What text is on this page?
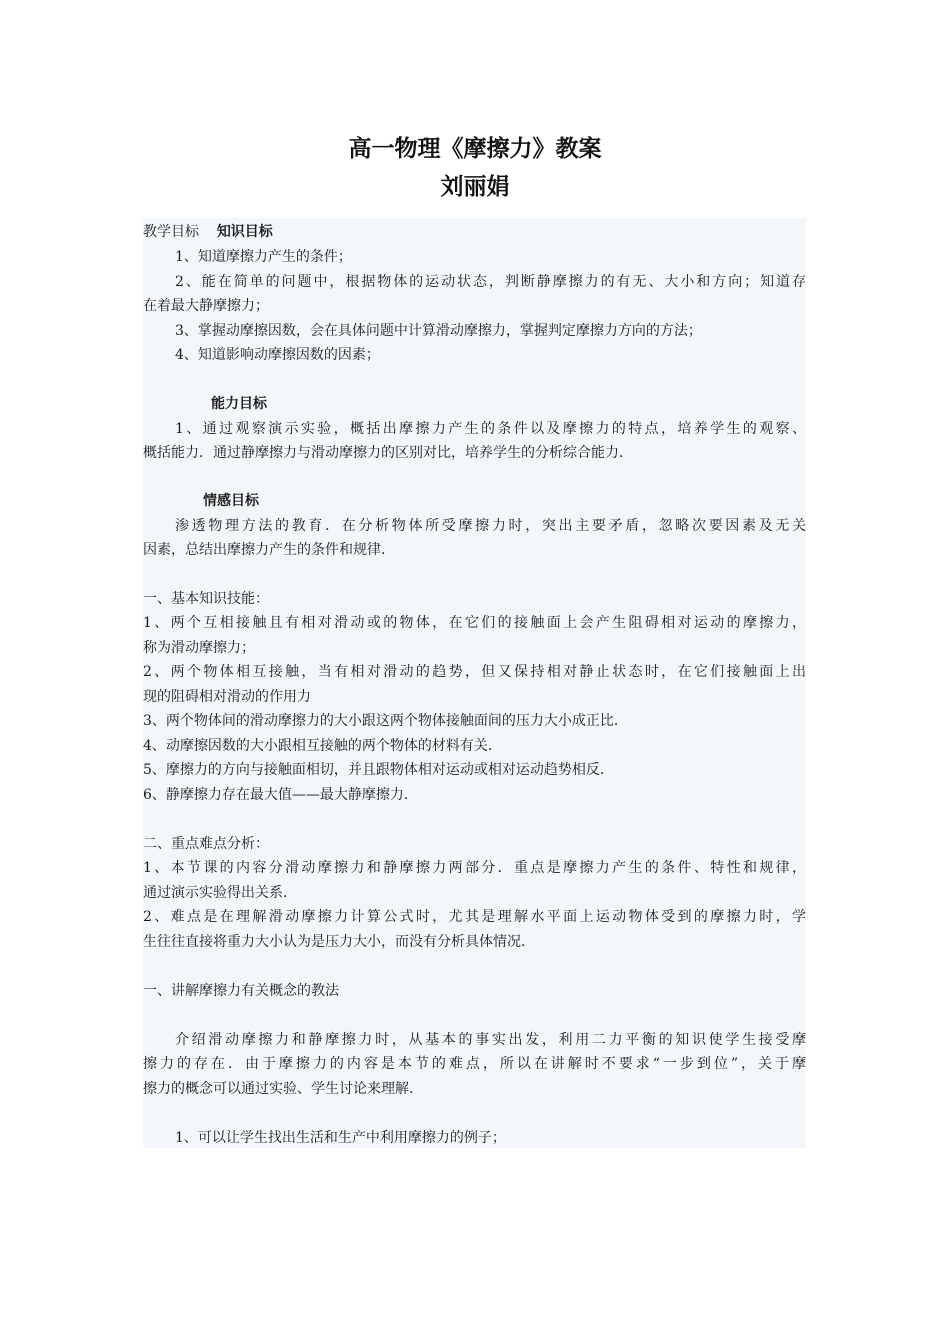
高一物理《摩擦力》教案
刘丽娟
教学目标 知识目标
1、知道摩擦力产生的条件；
2、能在简单的问题中，根据物体的运动状态，判断静摩擦力的有无、大小和方向；知道存
在着最大静摩擦力；
3、掌握动摩擦因数，会在具体问题中计算滑动摩擦力，掌握判定摩擦力方向的方法；
4、知道影响动摩擦因数的因素；
能力目标
1、通过观察演示实验，概括出摩擦力产生的条件以及摩擦力的特点，培养学生的观察、
概括能力．通过静摩擦力与滑动摩擦力的区别对比，培养学生的分析综合能力．
情感目标
渗透物理方法的教育．在分析物体所受摩擦力时，突出主要矛盾，忽略次要因素及无关
因素，总结出摩擦力产生的条件和规律．
一、基本知识技能：
1、两个互相接触且有相对滑动或的物体，在它们的接触面上会产生阻碍相对运动的摩擦力，
称为滑动摩擦力；
2、两个物体相互接触，当有相对滑动的趋势，但又保持相对静止状态时，在它们接触面上出
现的阻碍相对滑动的作用力
3、两个物体间的滑动摩擦力的大小跟这两个物体接触面间的压力大小成正比．
4、动摩擦因数的大小跟相互接触的两个物体的材料有关．
5、摩擦力的方向与接触面相切，并且跟物体相对运动或相对运动趋势相反．
6、静摩擦力存在最大值——最大静摩擦力．
二、重点难点分析：
1、本节课的内容分滑动摩擦力和静摩擦力两部分．重点是摩擦力产生的条件、特性和规律，
通过演示实验得出关系．
2、难点是在理解滑动摩擦力计算公式时，尤其是理解水平面上运动物体受到的摩擦力时，学
生往往直接将重力大小认为是压力大小，而没有分析具体情况．
一、讲解摩擦力有关概念的教法
介绍滑动摩擦力和静摩擦力时，从基本的事实出发，利用二力平衡的知识使学生接受摩
擦力的存在．由于摩擦力的内容是本节的难点，所以在讲解时不要求“一步到位”，关于摩
擦力的概念可以通过实验、学生讨论来理解．
1、可以让学生找出生活和生产中利用摩擦力的例子；
